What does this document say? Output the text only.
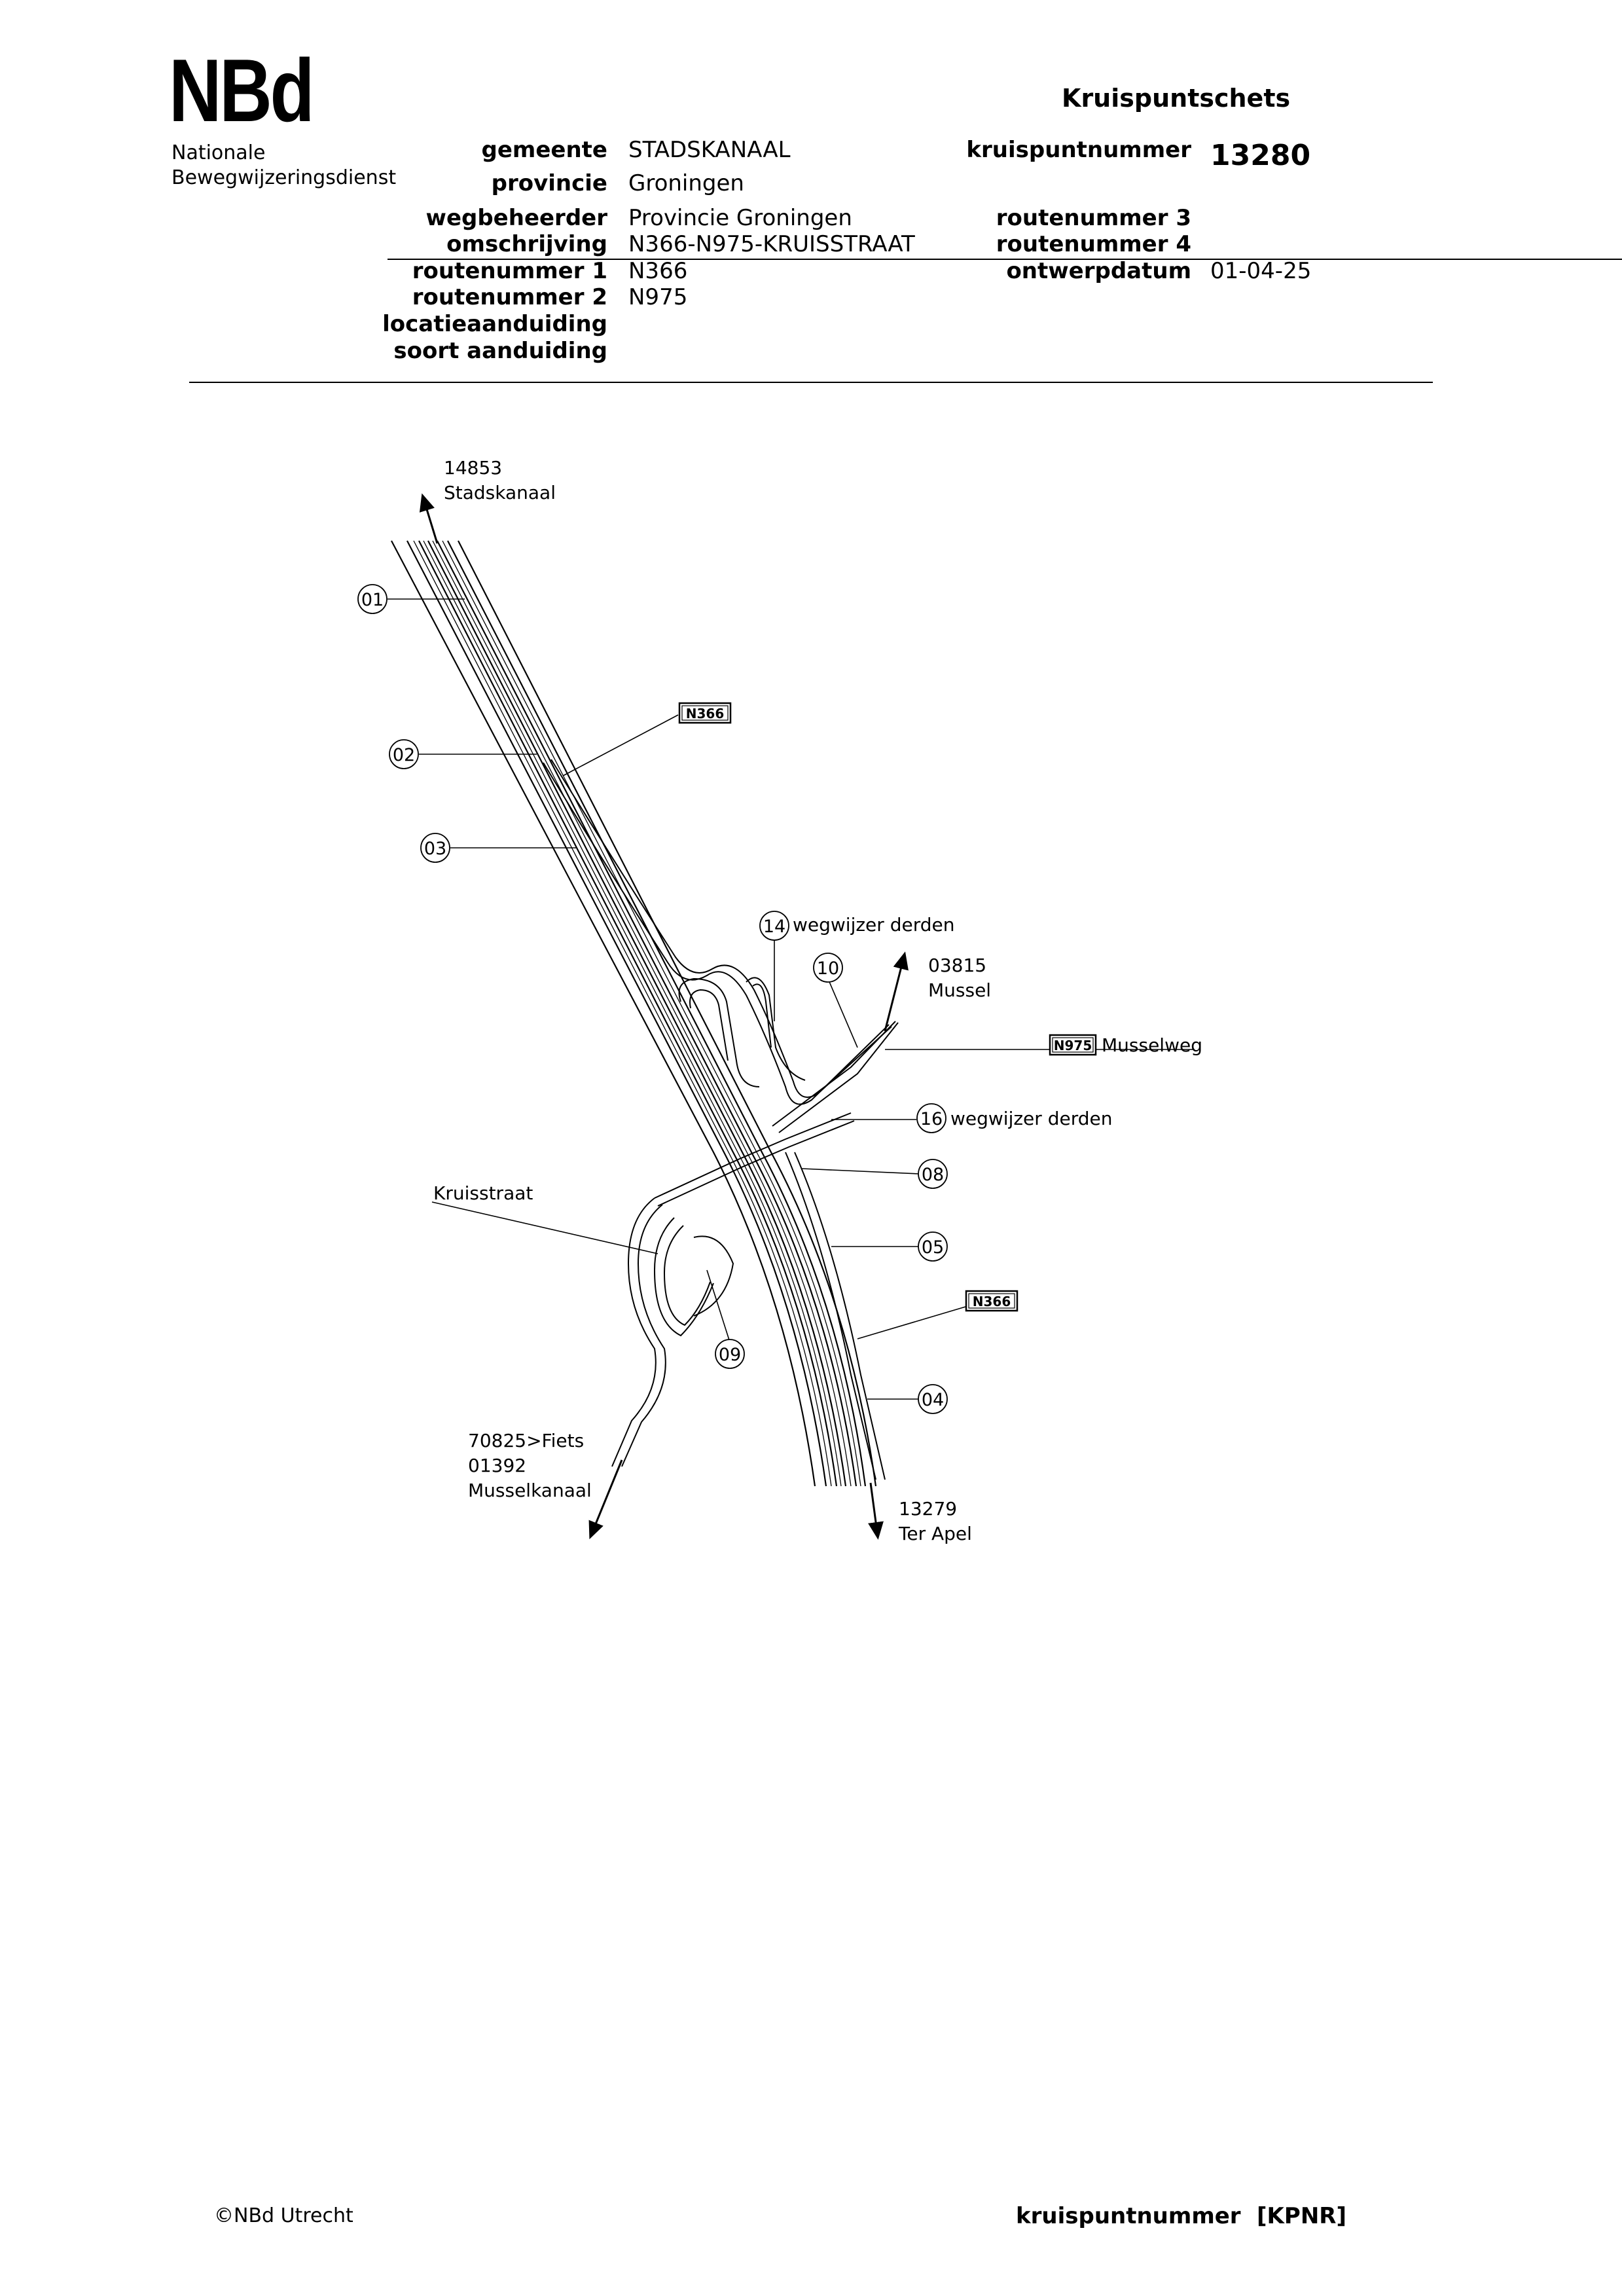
NBd
Nationale
Bewegwijzeringsdienst
Kruispuntschets
gemeente STADSKANAAL
provincie Groningen
wegbeheerder Provincie Groningen
omschrijving N366-N975-KRUISSTRAAT
routenummer 1 N366
routenummer 2 N975
locatieaanduiding
soort aanduiding
kruispuntnummer 13280
routenummer 3
routenummer 4
ontwerpdatum 01-04-25
01
02
03
04
05
08
09
10
14
16
N366
N366
N975
14853
Stadskanaal
03815
Mussel
wegwijzer derden
wegwijzer derden
Musselweg
Kruisstraat
70825>Fiets
01392
Musselkanaal
13279
Ter Apel
©NBd Utrecht	kruispuntnummer [KPNR]
